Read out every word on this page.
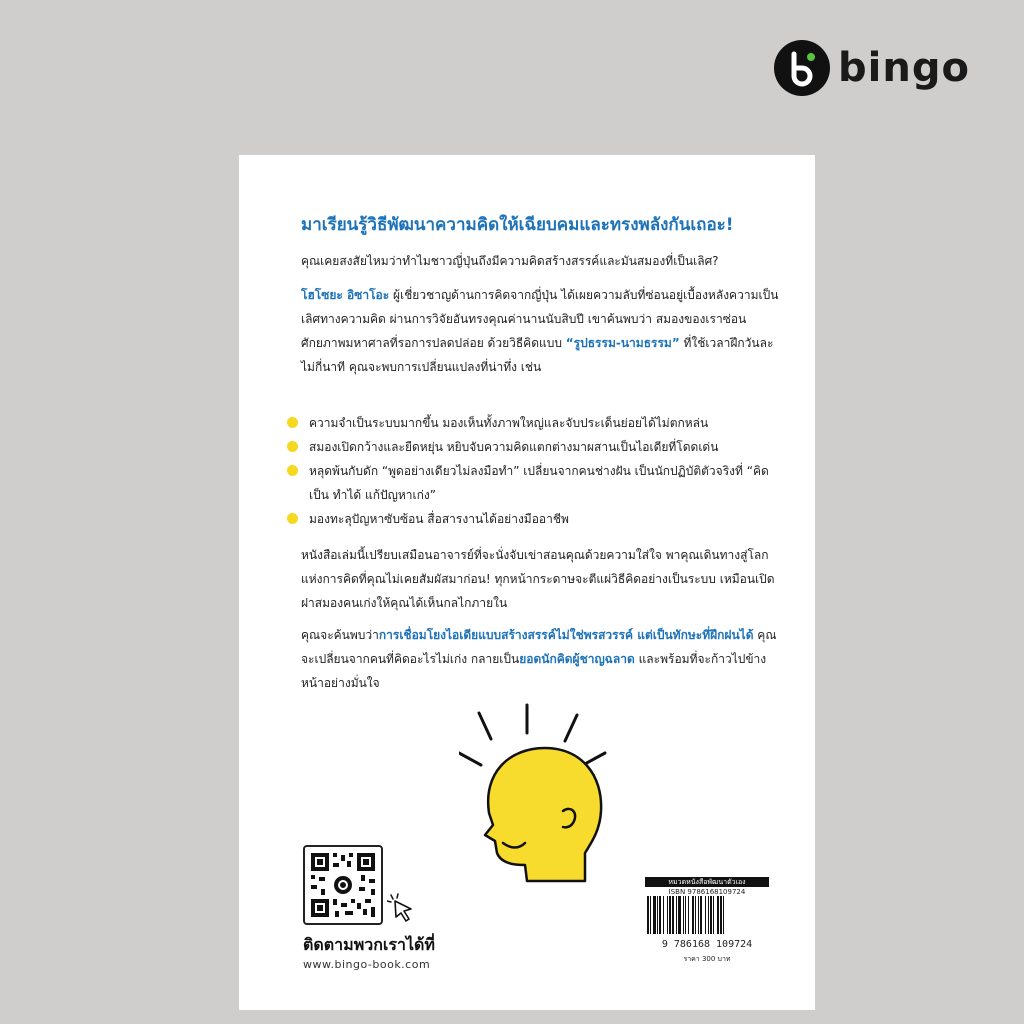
bingo
มาเรียนรู้วิธีพัฒนาความคิดให้เฉียบคมและทรงพลังกันเถอะ!
คุณเคยสงสัยไหมว่าทำไมชาวญี่ปุ่นถึงมีความคิดสร้างสรรค์และมันสมองที่เป็นเลิศ?
โฮโซยะ อิซาโอะ ผู้เชี่ยวชาญด้านการคิดจากญี่ปุ่น ได้เผยความลับที่ซ่อนอยู่เบื้องหลังความเป็นเลิศทางความคิด ผ่านการวิจัยอันทรงคุณค่านานนับสิบปี เขาค้นพบว่า สมองของเราซ่อนศักยภาพมหาศาลที่รอการปลดปล่อย ด้วยวิธีคิดแบบ “รูปธรรม-นามธรรม” ที่ใช้เวลาฝึกวันละไม่กี่นาที คุณจะพบการเปลี่ยนแปลงที่น่าทึ่ง เช่น
ความจำเป็นระบบมากขึ้น มองเห็นทั้งภาพใหญ่และจับประเด็นย่อยได้ไม่ตกหล่น
สมองเปิดกว้างและยืดหยุ่น หยิบจับความคิดแตกต่างมาผสานเป็นไอเดียที่โดดเด่น
หลุดพ้นกับดัก “พูดอย่างเดียวไม่ลงมือทำ” เปลี่ยนจากคนช่างฝัน เป็นนักปฏิบัติตัวจริงที่ “คิดเป็น ทำได้ แก้ปัญหาเก่ง”
มองทะลุปัญหาซับซ้อน สื่อสารงานได้อย่างมืออาชีพ
หนังสือเล่มนี้เปรียบเสมือนอาจารย์ที่จะนั่งจับเข่าสอนคุณด้วยความใส่ใจ พาคุณเดินทางสู่โลกแห่งการคิดที่คุณไม่เคยสัมผัสมาก่อน! ทุกหน้ากระดาษจะตีแผ่วิธีคิดอย่างเป็นระบบ เหมือนเปิดฝาสมองคนเก่งให้คุณได้เห็นกลไกภายใน
คุณจะค้นพบว่าการเชื่อมโยงไอเดียแบบสร้างสรรค์ไม่ใช่พรสวรรค์ แต่เป็นทักษะที่ฝึกฝนได้ คุณจะเปลี่ยนจากคนที่คิดอะไรไม่เก่ง กลายเป็นยอดนักคิดผู้ชาญฉลาด และพร้อมที่จะก้าวไปข้างหน้าอย่างมั่นใจ
ติดตามพวกเราได้ที่
www.bingo-book.com
หมวดหนังสือพัฒนาตัวเอง
ISBN 9786168109724
9 786168 109724
ราคา 300 บาท
